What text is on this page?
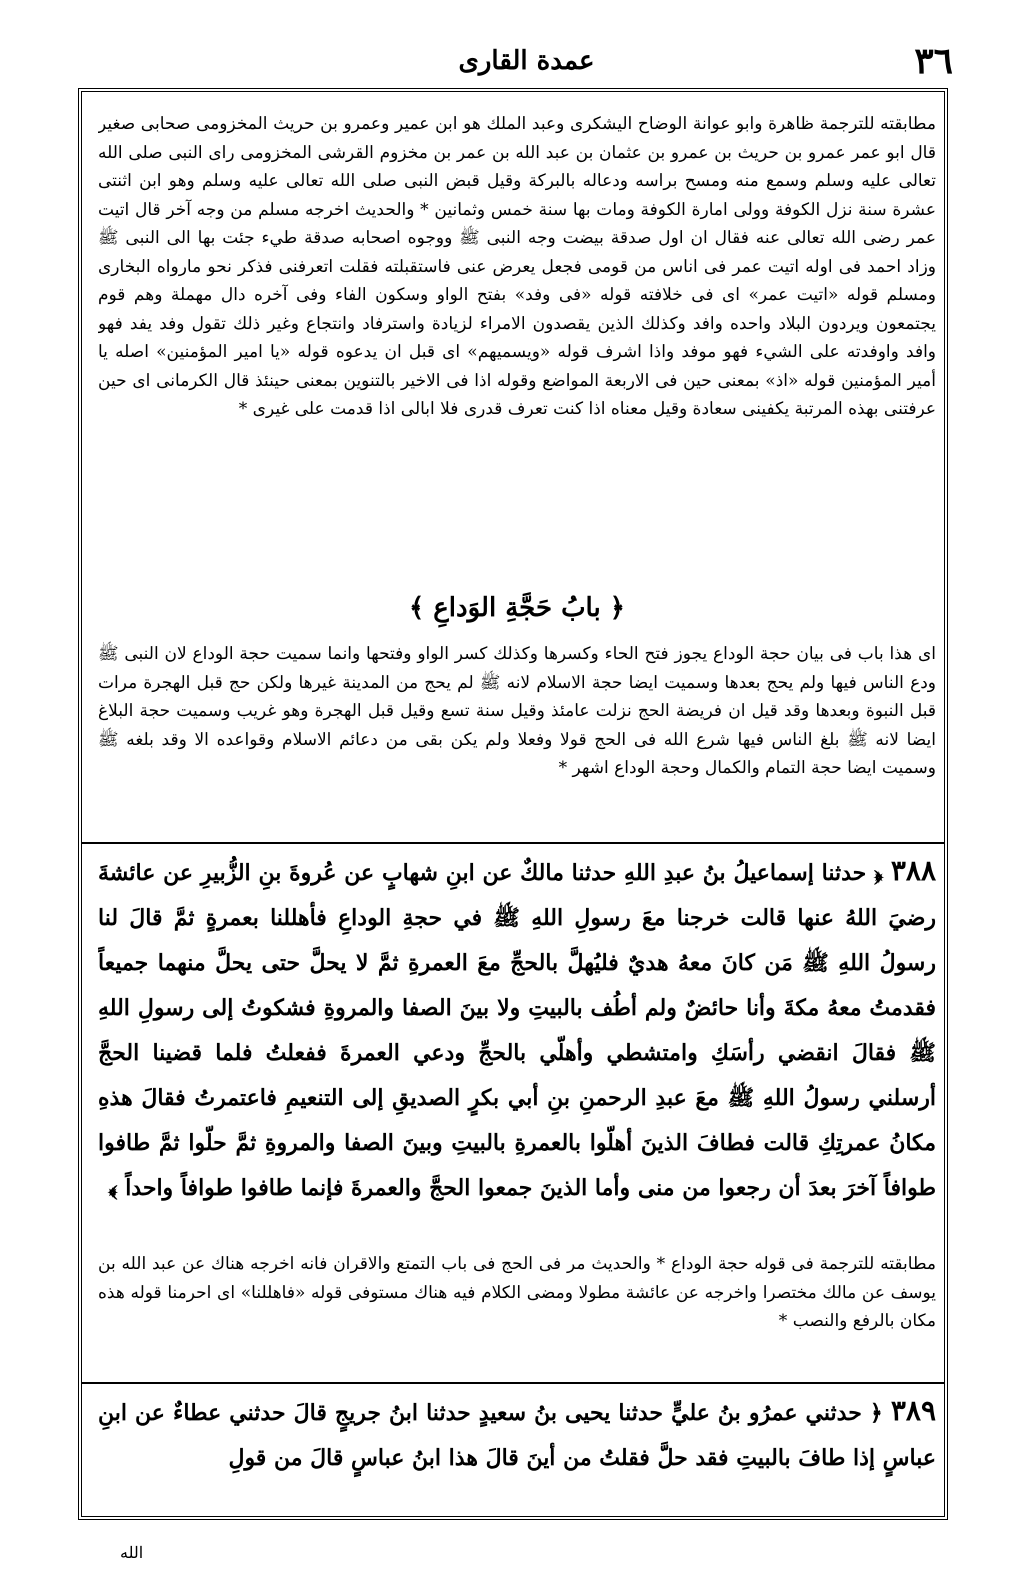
٣٦
عمدة القاری
مطابقته للترجمة ظاهرة وابو عوانة الوضاح اليشكرى وعبد الملك هو ابن عمير وعمرو بن حريث المخزومى صحابى صغير قال ابو عمر عمرو بن حريث بن عمرو بن عثمان بن عبد الله بن عمر بن مخزوم القرشى المخزومى راى النبى صلى الله تعالى عليه وسلم وسمع منه ومسح براسه ودعاله بالبركة وقيل قبض النبى صلى الله تعالى عليه وسلم وهو ابن اثنتى عشرة سنة نزل الكوفة وولى امارة الكوفة ومات بها سنة خمس وثمانين * والحديث اخرجه مسلم من وجه آخر قال اتيت عمر رضى الله تعالى عنه فقال ان اول صدقة بيضت وجه النبى ﷺ ووجوه اصحابه صدقة طيء جئت بها الى النبى ﷺ وزاد احمد فى اوله اتيت عمر فى اناس من قومى فجعل يعرض عنى فاستقبلته فقلت اتعرفنى فذكر نحو مارواه البخارى ومسلم قوله «اتيت عمر» اى فى خلافته قوله «فى وفد» بفتح الواو وسكون الفاء وفى آخره دال مهملة وهم قوم يجتمعون ويردون البلاد واحده وافد وكذلك الذين يقصدون الامراء لزيادة واسترفاد وانتجاع وغير ذلك تقول وفد يفد فهو وافد واوفدته على الشيء فهو موفد واذا اشرف قوله «ويسميهم» اى قبل ان يدعوه قوله «يا امير المؤمنين» اصله يا أمير المؤمنين قوله «اذ» بمعنى حين فى الاربعة المواضع وقوله اذا فى الاخير بالتنوين بمعنى حينئذ قال الكرمانى اى حين عرفتنى بهذه المرتبة يكفينى سعادة وقيل معناه اذا كنت تعرف قدرى فلا ابالى اذا قدمت على غيرى *
﴿ بابُ حَجَّةِ الوَداعِ ﴾
اى هذا باب فى بيان حجة الوداع يجوز فتح الحاء وكسرها وكذلك كسر الواو وفتحها وانما سميت حجة الوداع لان النبى ﷺ ودع الناس فيها ولم يحج بعدها وسميت ايضا حجة الاسلام لانه ﷺ لم يحج من المدينة غيرها ولكن حج قبل الهجرة مرات قبل النبوة وبعدها وقد قيل ان فريضة الحج نزلت عامئذ وقيل سنة تسع وقيل قبل الهجرة وهو غريب وسميت حجة البلاغ ايضا لانه ﷺ بلغ الناس فيها شرع الله فى الحج قولا وفعلا ولم يكن بقى من دعائم الاسلام وقواعده الا وقد بلغه ﷺ وسميت ايضا حجة التمام والكمال وحجة الوداع اشهر *
٣٨٨ ﴿ حدثنا إسماعيلُ بنُ عبدِ اللهِ حدثنا مالكٌ عن ابنِ شهابٍ عن عُروةَ بنِ الزُّبيرِ عن عائشةَ رضيَ اللهُ عنها قالت خرجنا معَ رسولِ اللهِ ﷺ في حجةِ الوداعِ فأهللنا بعمرةٍ ثمَّ قالَ لنا رسولُ اللهِ ﷺ مَن كانَ معهُ هديٌ فليُهلَّ بالحجِّ معَ العمرةِ ثمَّ لا يحلَّ حتى يحلَّ منهما جميعاً فقدمتُ معهُ مكةَ وأنا حائضٌ ولم أطُف بالبيتِ ولا بينَ الصفا والمروةِ فشكوتُ إلى رسولِ اللهِ ﷺ فقالَ انقضي رأسَكِ وامتشطي وأهلّي بالحجِّ ودعي العمرةَ ففعلتُ فلما قضينا الحجَّ أرسلني رسولُ اللهِ ﷺ معَ عبدِ الرحمنِ بنِ أبي بكرٍ الصديقِ إلى التنعيمِ فاعتمرتُ فقالَ هذهِ مكانُ عمرتِكِ قالت فطافَ الذينَ أهلّوا بالعمرةِ بالبيتِ وبينَ الصفا والمروةِ ثمَّ حلّوا ثمَّ طافوا طوافاً آخرَ بعدَ أن رجعوا من منى وأما الذينَ جمعوا الحجَّ والعمرةَ فإنما طافوا طوافاً واحداً ﴾
مطابقته للترجمة فى قوله حجة الوداع * والحديث مر فى الحج فى باب التمتع والاقران فانه اخرجه هناك عن عبد الله بن يوسف عن مالك مختصرا واخرجه عن عائشة مطولا ومضى الكلام فيه هناك مستوفى قوله «فاهللنا» اى احرمنا قوله هذه مكان بالرفع والنصب *
٣٨٩ ﴿ حدثني عمرُو بنُ عليٍّ حدثنا يحيى بنُ سعيدٍ حدثنا ابنُ جريجٍ قالَ حدثني عطاءٌ عن ابنِ عباسٍ إذا طافَ بالبيتِ فقد حلَّ فقلتُ من أينَ قالَ هذا ابنُ عباسٍ قالَ من قولِ
الله
